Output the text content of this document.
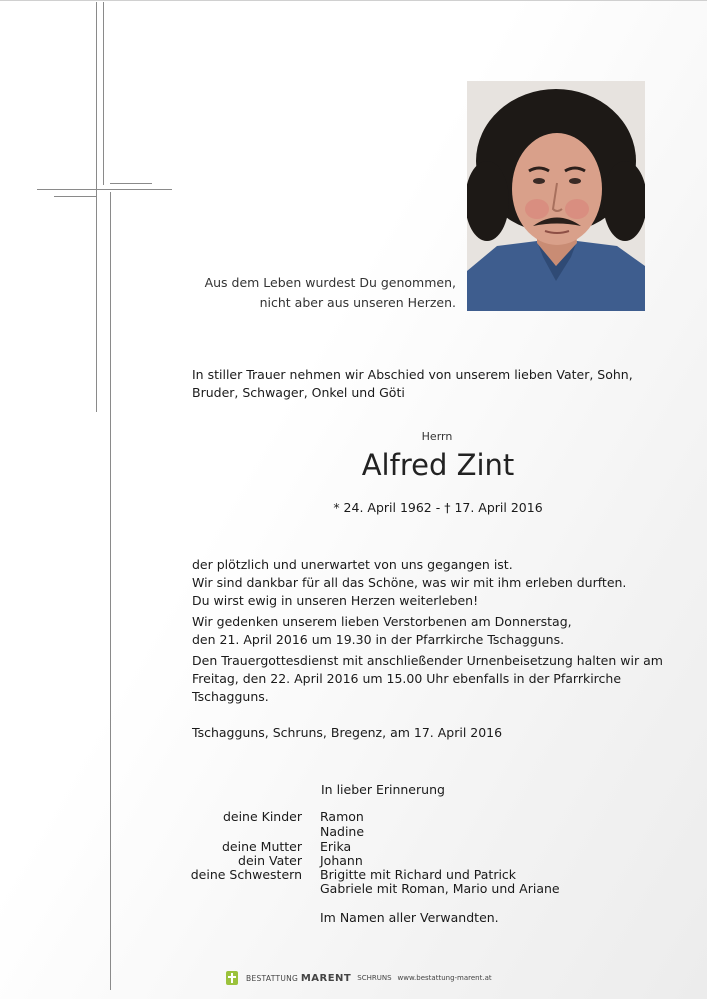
Aus dem Leben wurdest Du genommen,
nicht aber aus unseren Herzen.
In stiller Trauer nehmen wir Abschied von unserem lieben Vater, Sohn,
Bruder, Schwager, Onkel und Göti
Herrn
Alfred Zint
* 24. April 1962 - † 17. April 2016
der plötzlich und unerwartet von uns gegangen ist.
Wir sind dankbar für all das Schöne, was wir mit ihm erleben durften.
Du wirst ewig in unseren Herzen weiterleben!
Wir gedenken unserem lieben Verstorbenen am Donnerstag,
den 21. April 2016 um 19.30 in der Pfarrkirche Tschagguns.
Den Trauergottesdienst mit anschließender Urnenbeisetzung halten wir am
Freitag, den 22. April 2016 um 15.00 Uhr ebenfalls in der Pfarrkirche Tschagguns.
Tschagguns, Schruns, Bregenz, am 17. April 2016
In lieber Erinnerung
deine Kinder Ramon
Nadine
deine Mutter Erika
dein Vater Johann
deine Schwestern Brigitte mit Richard und Patrick
Gabriele mit Roman, Mario und Ariane
Im Namen aller Verwandten.
BESTATTUNG MARENT SCHRUNS www.bestattung-marent.at
